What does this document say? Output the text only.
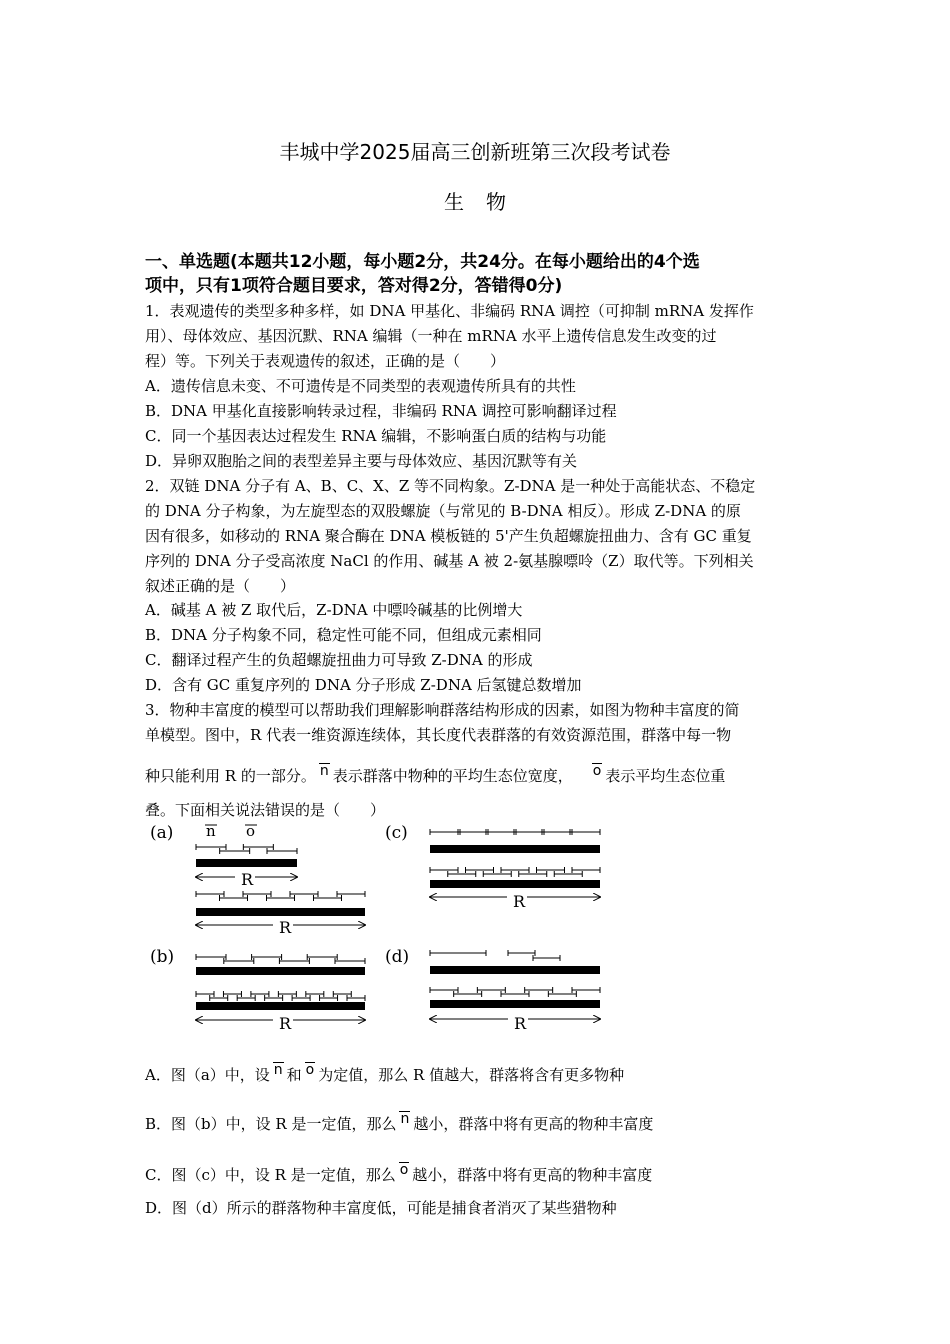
丰城中学2025届高三创新班第三次段考试卷
生物
一、单选题(本题共12小题，每小题2分，共24分。在每小题给出的4个选
项中，只有1项符合题目要求，答对得2分，答错得0分)
1．表观遗传的类型多种多样，如 DNA 甲基化、非编码 RNA 调控（可抑制 mRNA 发挥作
用）、母体效应、基因沉默、RNA 编辑（一种在 mRNA 水平上遗传信息发生改变的过
程）等。下列关于表观遗传的叙述，正确的是（　　）
A．遗传信息未变、不可遗传是不同类型的表观遗传所具有的共性
B．DNA 甲基化直接影响转录过程，非编码 RNA 调控可影响翻译过程
C．同一个基因表达过程发生 RNA 编辑，不影响蛋白质的结构与功能
D．异卵双胞胎之间的表型差异主要与母体效应、基因沉默等有关
2．双链 DNA 分子有 A、B、C、X、Z 等不同构象。Z-DNA 是一种处于高能状态、不稳定
的 DNA 分子构象，为左旋型态的双股螺旋（与常见的 B-DNA 相反）。形成 Z-DNA 的原
因有很多，如移动的 RNA 聚合酶在 DNA 模板链的 5'产生负超螺旋扭曲力、含有 GC 重复
序列的 DNA 分子受高浓度 NaCl 的作用、碱基 A 被 2-氨基腺嘌呤（Z）取代等。下列相关
叙述正确的是（　　）
A．碱基 A 被 Z 取代后，Z-DNA 中嘌呤碱基的比例增大
B．DNA 分子构象不同，稳定性可能不同，但组成元素相同
C．翻译过程产生的负超螺旋扭曲力可导致 Z-DNA 的形成
D．含有 GC 重复序列的 DNA 分子形成 Z-DNA 后氢键总数增加
3．物种丰富度的模型可以帮助我们理解影响群落结构形成的因素，如图为物种丰富度的简
单模型。图中，R 代表一维资源连续体，其长度代表群落的有效资源范围，群落中每一物
种只能利用 R 的一部分。 n 表示群落中物种的平均生态位宽度， o 表示平均生态位重
叠。下面相关说法错误的是（　　）
(a)	(c)
(b)	(d)
n o
R
R
R
R	R
A．图（a）中，设 n 和 o 为定值，那么 R 值越大，群落将含有更多物种
B．图（b）中，设 R 是一定值，那么 n 越小，群落中将有更高的物种丰富度
C．图（c）中，设 R 是一定值，那么 o 越小，群落中将有更高的物种丰富度
D．图（d）所示的群落物种丰富度低，可能是捕食者消灭了某些猎物种
